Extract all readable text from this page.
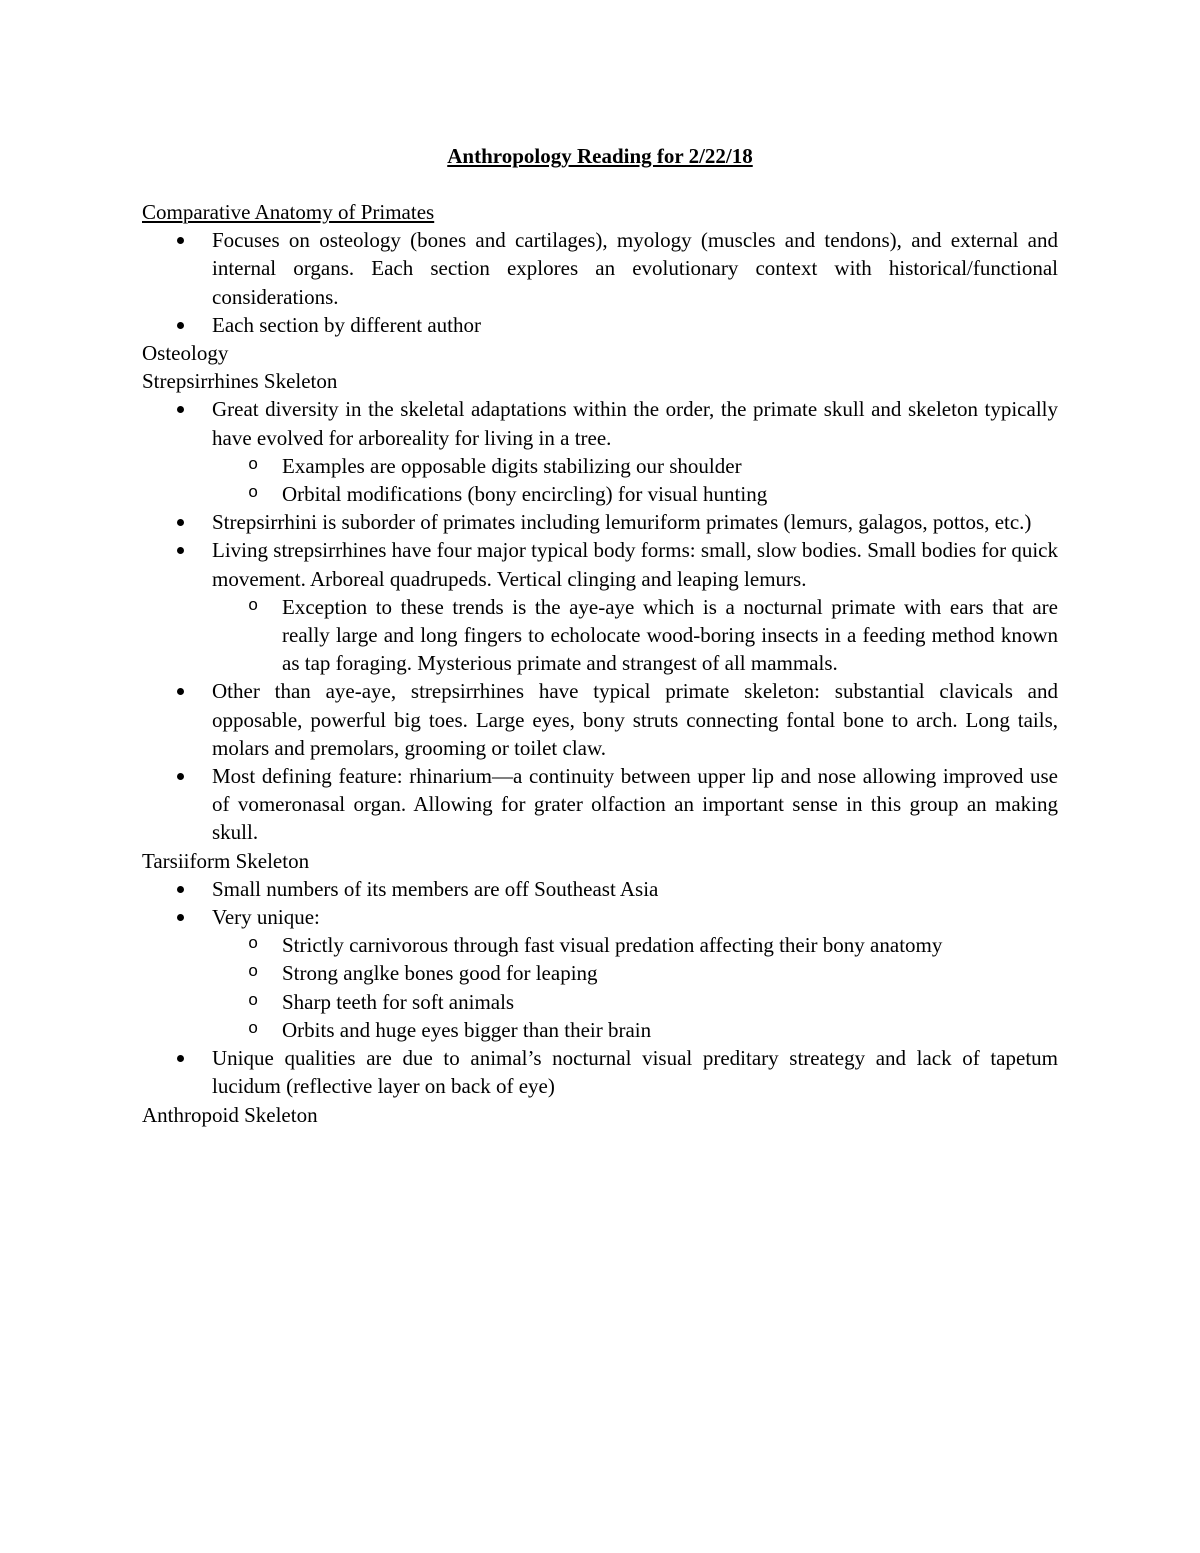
Anthropology Reading for 2/22/18

Comparative Anatomy of Primates

Focuses on osteology (bones and cartilages), myology (muscles and tendons), and external and internal organs. Each section explores an evolutionary context with historical/functional considerations.
Each section by different author

Osteology

Strepsirrhines Skeleton

Great diversity in the skeletal adaptations within the order, the primate skull and skeleton typically have evolved for arboreality for living in a tree.
o Examples are opposable digits stabilizing our shoulder
o Orbital modifications (bony encircling) for visual hunting
Strepsirrhini is suborder of primates including lemuriform primates (lemurs, galagos, pottos, etc.)
Living strepsirrhines have four major typical body forms: small, slow bodies. Small bodies for quick movement. Arboreal quadrupeds. Vertical clinging and leaping lemurs.
o Exception to these trends is the aye-aye which is a nocturnal primate with ears that are really large and long fingers to echolocate wood-boring insects in a feeding method known as tap foraging. Mysterious primate and strangest of all mammals.
Other than aye-aye, strepsirrhines have typical primate skeleton: substantial clavicals and opposable, powerful big toes. Large eyes, bony struts connecting fontal bone to arch. Long tails, molars and premolars, grooming or toilet claw.
Most defining feature: rhinarium—a continuity between upper lip and nose allowing improved use of vomeronasal organ. Allowing for grater olfaction an important sense in this group an making skull.

Tarsiiform Skeleton

Small numbers of its members are off Southeast Asia
Very unique:
o Strictly carnivorous through fast visual predation affecting their bony anatomy
o Strong anglke bones good for leaping
o Sharp teeth for soft animals
o Orbits and huge eyes bigger than their brain
Unique qualities are due to animal’s nocturnal visual preditary streategy and lack of tapetum lucidum (reflective layer on back of eye)

Anthropoid Skeleton
